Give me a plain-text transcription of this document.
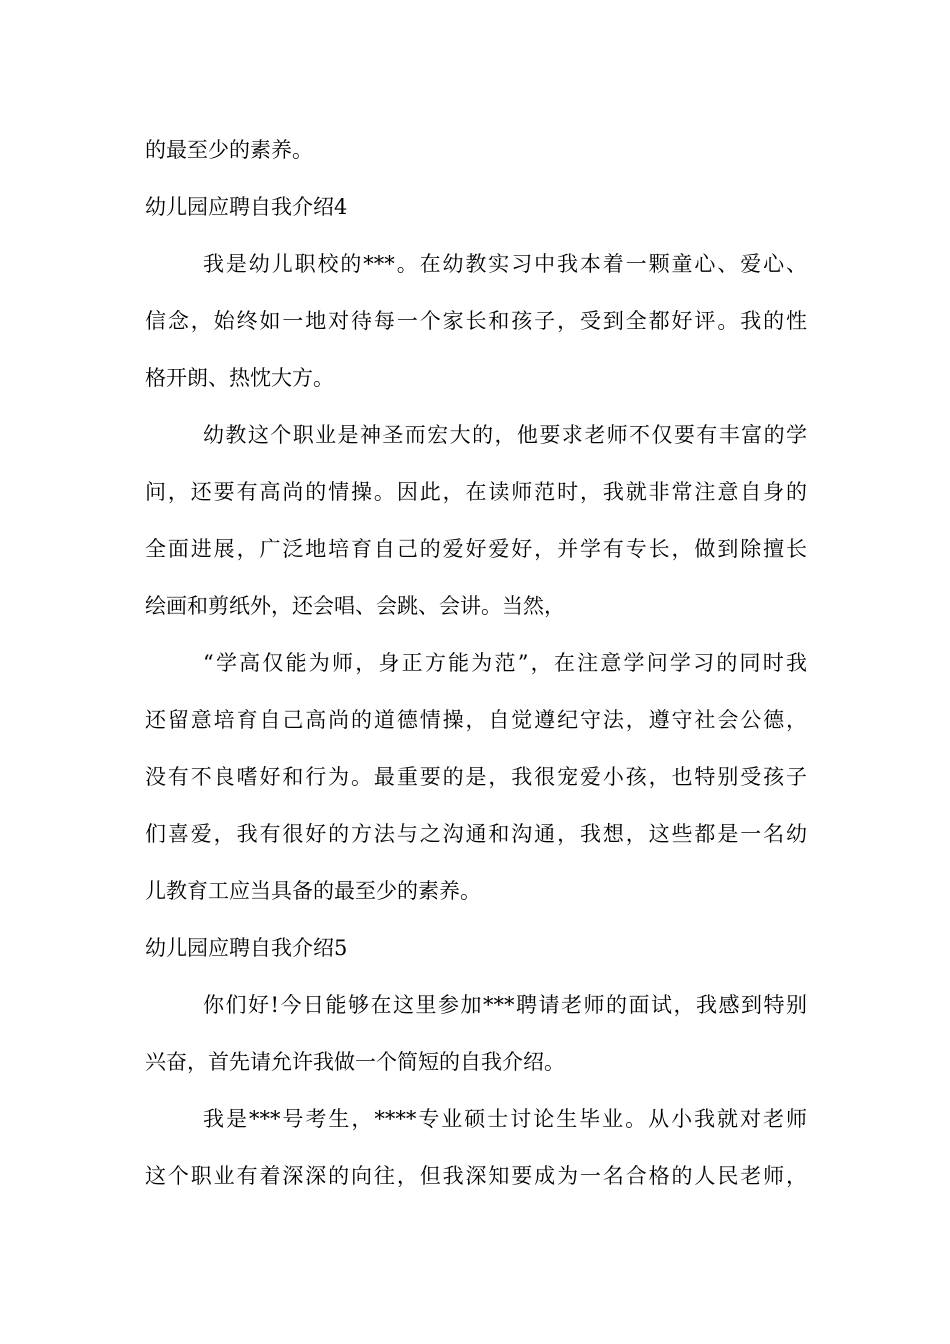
的最至少的素养。
幼儿园应聘自我介绍4
我是幼儿职校的***。在幼教实习中我本着一颗童心、爱心、
信念，始终如一地对待每一个家长和孩子，受到全都好评。我的性
格开朗、热忱大方。
幼教这个职业是神圣而宏大的，他要求老师不仅要有丰富的学
问，还要有高尚的情操。因此，在读师范时，我就非常注意自身的
全面进展，广泛地培育自己的爱好爱好，并学有专长，做到除擅长
绘画和剪纸外，还会唱、会跳、会讲。当然，
“学高仅能为师，身正方能为范”，在注意学问学习的同时我
还留意培育自己高尚的道德情操，自觉遵纪守法，遵守社会公德，
没有不良嗜好和行为。最重要的是，我很宠爱小孩，也特别受孩子
们喜爱，我有很好的方法与之沟通和沟通，我想，这些都是一名幼
儿教育工应当具备的最至少的素养。
幼儿园应聘自我介绍5
你们好!今日能够在这里参加***聘请老师的面试，我感到特别
兴奋，首先请允许我做一个简短的自我介绍。
我是***号考生，****专业硕士讨论生毕业。从小我就对老师
这个职业有着深深的向往，但我深知要成为一名合格的人民老师，
